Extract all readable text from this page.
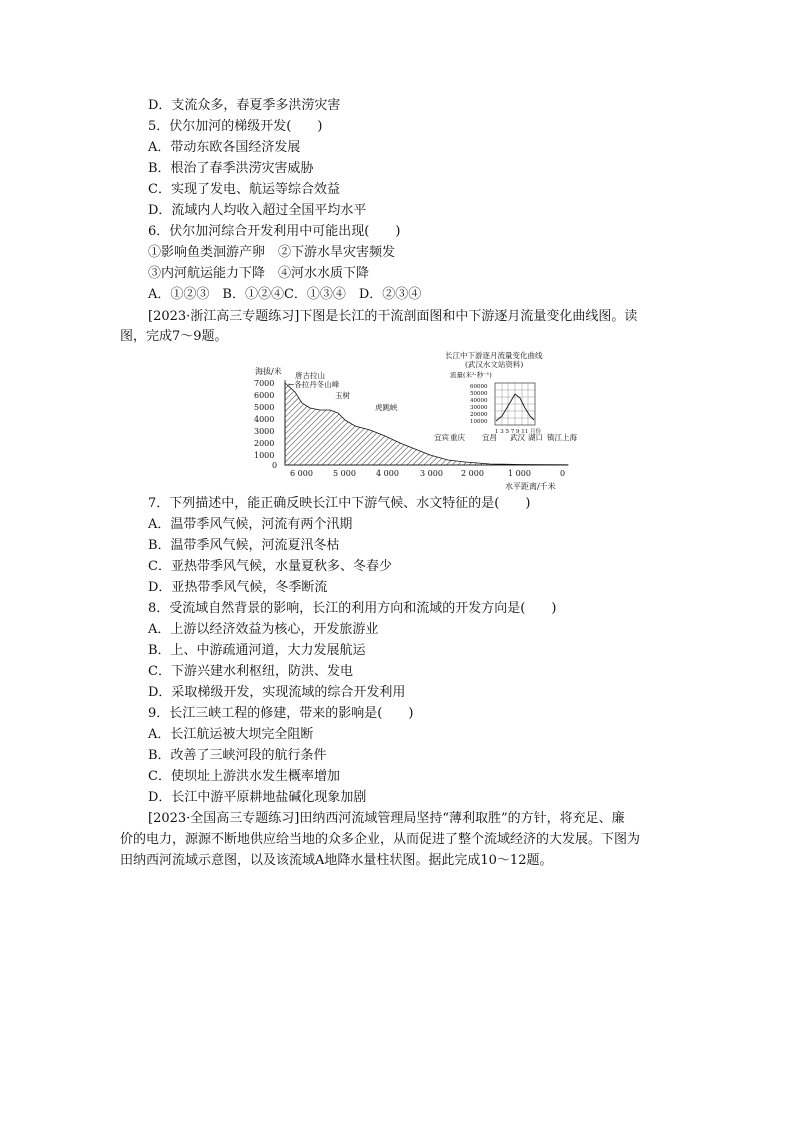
D．支流众多，春夏季多洪涝灾害
5．伏尔加河的梯级开发(　　)
A．带动东欧各国经济发展
B．根治了春季洪涝灾害威胁
C．实现了发电、航运等综合效益
D．流域内人均收入超过全国平均水平
6．伏尔加河综合开发利用中可能出现(　　)
①影响鱼类洄游产卵　②下游水旱灾害频发
③内河航运能力下降　④河水水质下降
A．①②③　B．①②④C．①③④　D．②③④
[2023·浙江高三专题练习]下图是长江的干流剖面图和中下游逐月流量变化曲线图。读
图，完成7～9题。
海拔/米
7000
6000
5000
4000
3000
2000
1000
0
6 000	5 000	4 000	3 000 2 000	1 000	0
水平距离/千米
唐古拉山
←各拉丹冬山峰
玉树
虎跳峡
宜宾 重庆 宜昌 武汉 湖口 镇江 上海
长江中下游逐月流量变化曲线
(武汉水文站资料)
流量(米³·秒⁻¹)
60000
50000
40000
30000
20000
10000
1 3 5 7 9 11 月份
7．下列描述中，能正确反映长江中下游气候、水文特征的是(　　)
A．温带季风气候，河流有两个汛期
B．温带季风气候，河流夏汛冬枯
C．亚热带季风气候，水量夏秋多、冬春少
D．亚热带季风气候，冬季断流
8．受流域自然背景的影响，长江的利用方向和流域的开发方向是(　　)
A．上游以经济效益为核心，开发旅游业
B．上、中游疏通河道，大力发展航运
C．下游兴建水利枢纽，防洪、发电
D．采取梯级开发，实现流域的综合开发利用
9．长江三峡工程的修建，带来的影响是(　　)
A．长江航运被大坝完全阻断
B．改善了三峡河段的航行条件
C．使坝址上游洪水发生概率增加
D．长江中游平原耕地盐碱化现象加剧
[2023·全国高三专题练习]田纳西河流域管理局坚持“薄利取胜”的方针，将充足、廉
价的电力，源源不断地供应给当地的众多企业，从而促进了整个流域经济的大发展。下图为
田纳西河流域示意图，以及该流域A地降水量柱状图。据此完成10～12题。
